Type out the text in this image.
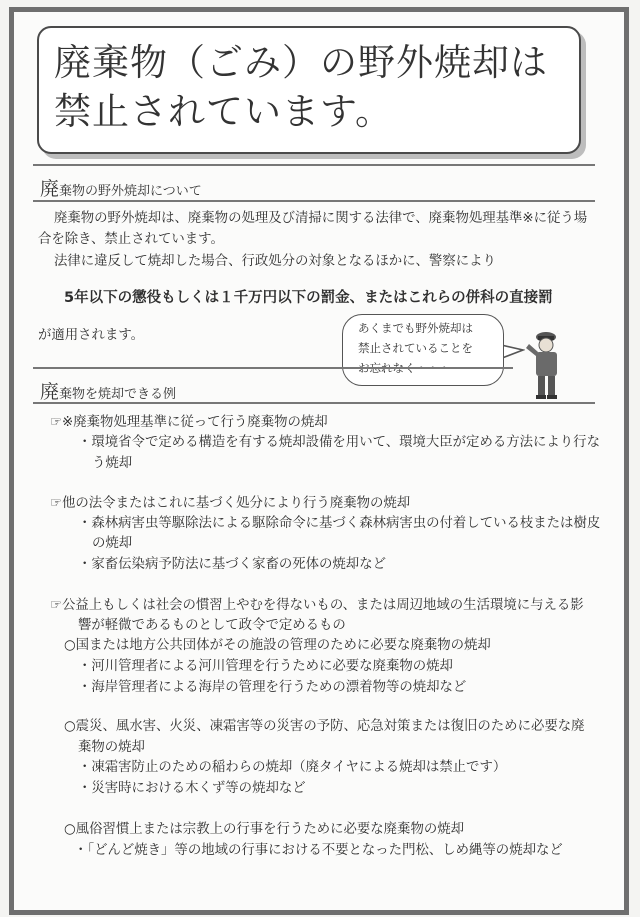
廃棄物（ごみ）の野外焼却は
禁止されています。
廃棄物の野外焼却について
廃棄物の野外焼却は、廃棄物の処理及び清掃に関する法律で、廃棄物処理基準※に従う場
合を除き、禁止されています。
法律に違反して焼却した場合、行政処分の対象となるほかに、警察により
5年以下の懲役もしくは１千万円以下の罰金、またはこれらの併科の直接罰
が適用されます。	あくまでも野外焼却は
禁止されていることを
お忘れなく・・・
廃棄物を焼却できる例
☞※廃棄物処理基準に従って行う廃棄物の焼却
・環境省令で定める構造を有する焼却設備を用いて、環境大臣が定める方法により行な
う焼却
☞他の法令またはこれに基づく処分により行う廃棄物の焼却
・森林病害虫等駆除法による駆除命令に基づく森林病害虫の付着している枝または樹皮
の焼却
・家畜伝染病予防法に基づく家畜の死体の焼却など
☞公益上もしくは社会の慣習上やむを得ないもの、または周辺地域の生活環境に与える影
響が軽微であるものとして政令で定めるもの
○国または地方公共団体がその施設の管理のために必要な廃棄物の焼却
・河川管理者による河川管理を行うために必要な廃棄物の焼却
・海岸管理者による海岸の管理を行うための漂着物等の焼却など
○震災、風水害、火災、凍霜害等の災害の予防、応急対策または復旧のために必要な廃
棄物の焼却
・凍霜害防止のための稲わらの焼却（廃タイヤによる焼却は禁止です）
・災害時における木くず等の焼却など
○風俗習慣上または宗教上の行事を行うために必要な廃棄物の焼却
・「どんど焼き」等の地域の行事における不要となった門松、しめ縄等の焼却など
